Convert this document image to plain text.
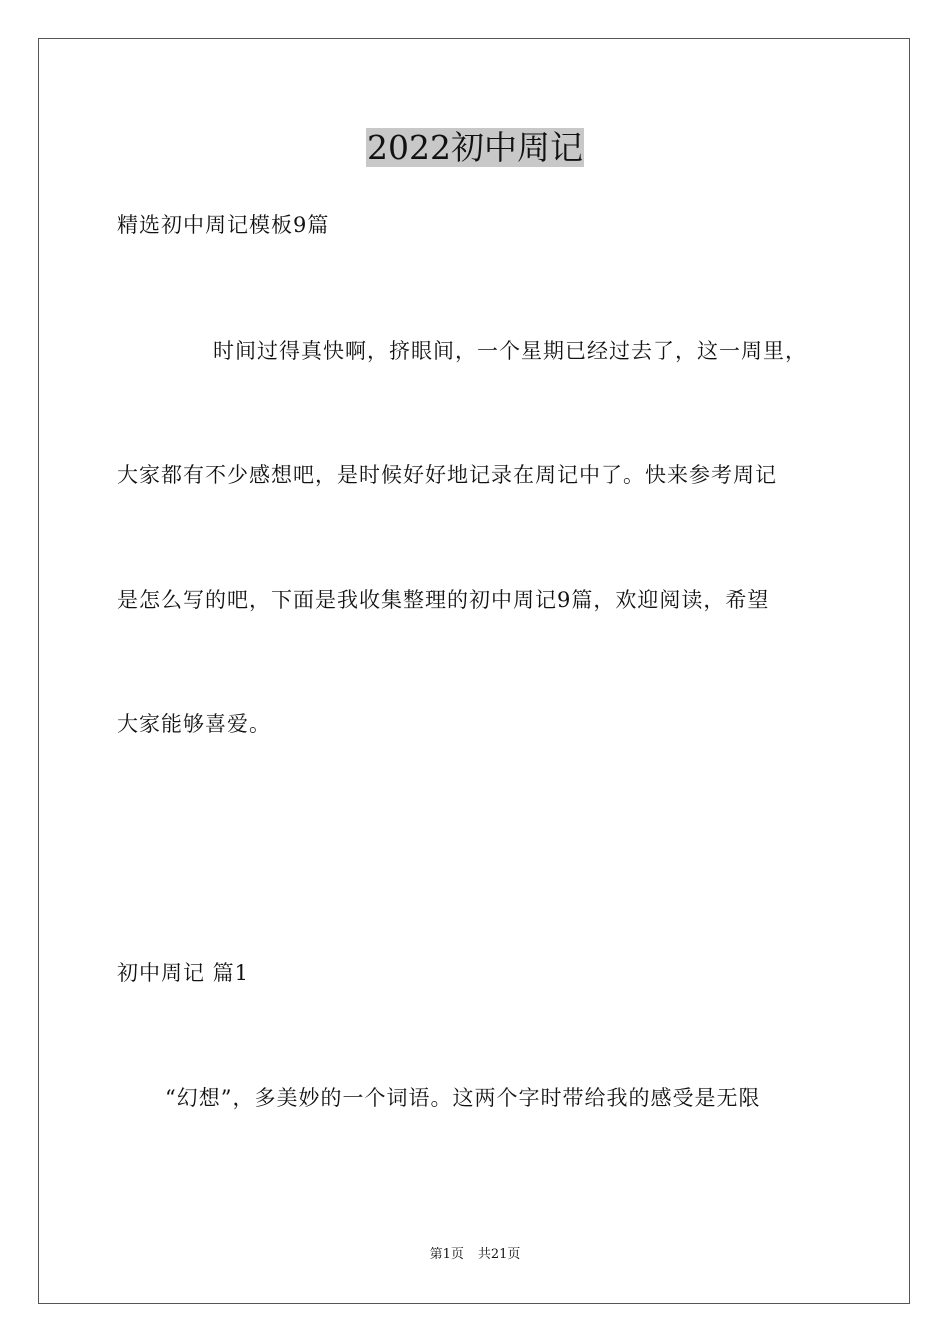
2022初中周记
精选初中周记模板9篇
时间过得真快啊，挤眼间，一个星期已经过去了，这一周里，
大家都有不少感想吧，是时候好好地记录在周记中了。快来参考周记
是怎么写的吧，下面是我收集整理的初中周记9篇，欢迎阅读，希望
大家能够喜爱。
初中周记 篇1
“幻想”，多美妙的一个词语。这两个字时带给我的感受是无限
第1页 共21页
